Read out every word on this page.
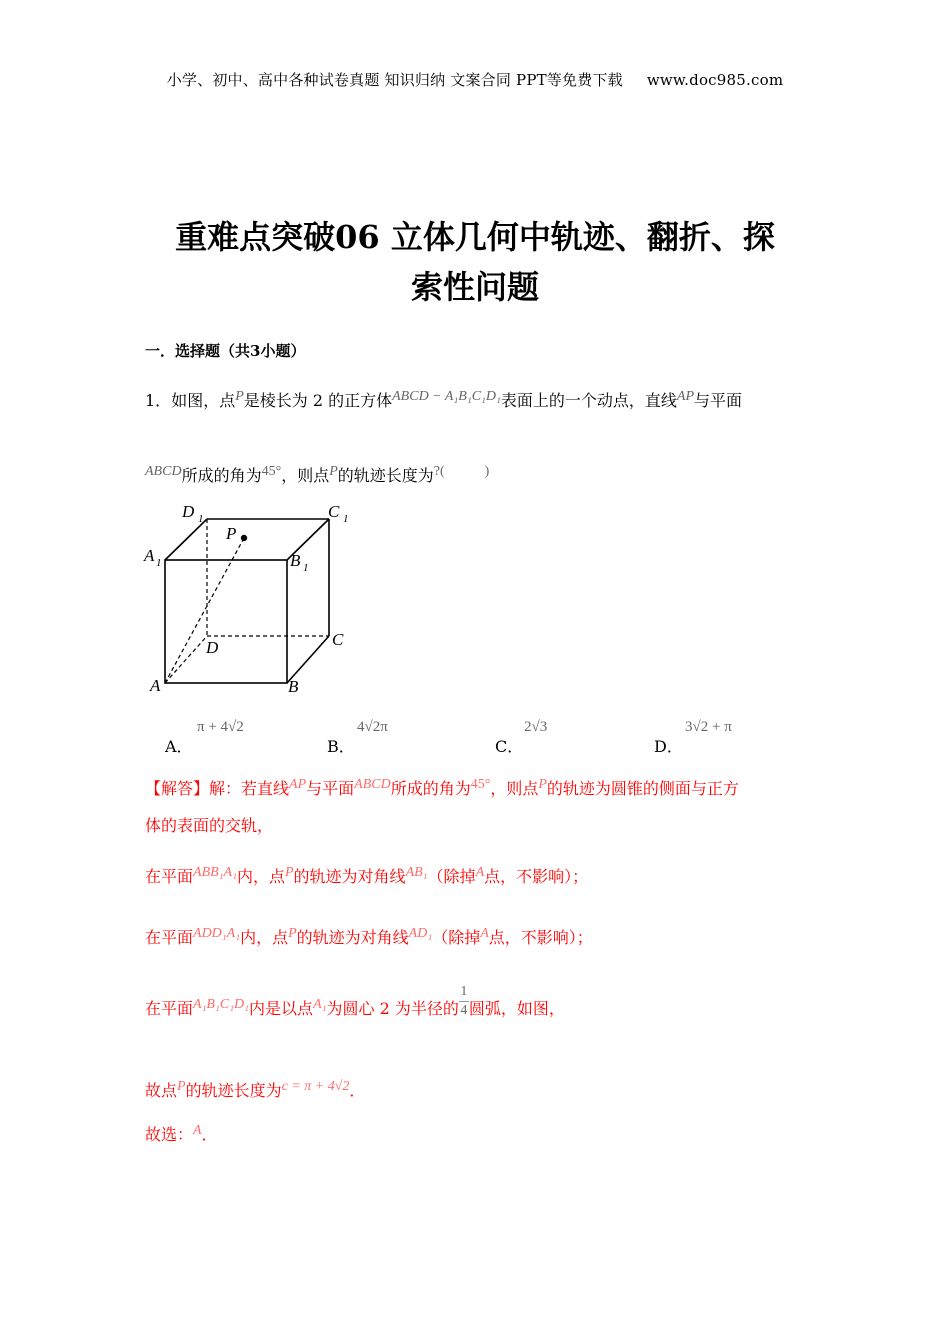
小学、初中、高中各种试卷真题 知识归纳 文案合同 PPT等免费下载 www.doc985.com
重难点突破06 立体几何中轨迹、翻折、探
索性问题
一．选择题（共3小题）
1．如图，点P是棱长为 2 的正方体ABCD − A₁B₁C₁D₁表面上的一个动点，直线AP与平面
ABCD所成的角为45°，则点P的轨迹长度为?(	)
D 1	C 1
A 1	B 1
P
D	C
A	B
A．
π + 4√2
B．
4√2π
C．
2√3
D．
3√2 + π
【解答】解：若直线AP与平面ABCD所成的角为45°，则点P的轨迹为圆锥的侧面与正方
体的表面的交轨，
在平面ABB₁A₁内，点P的轨迹为对角线AB₁（除掉A点，不影响）；
在平面ADD₁A₁内，点P的轨迹为对角线AD₁（除掉A点，不影响）；
在平面A₁B₁C₁D₁内是以点A₁为圆心 2 为半径的$\frac{1}{4}$圆弧，如图，
故点P的轨迹长度为c = π + 4√2．
故选：A．
